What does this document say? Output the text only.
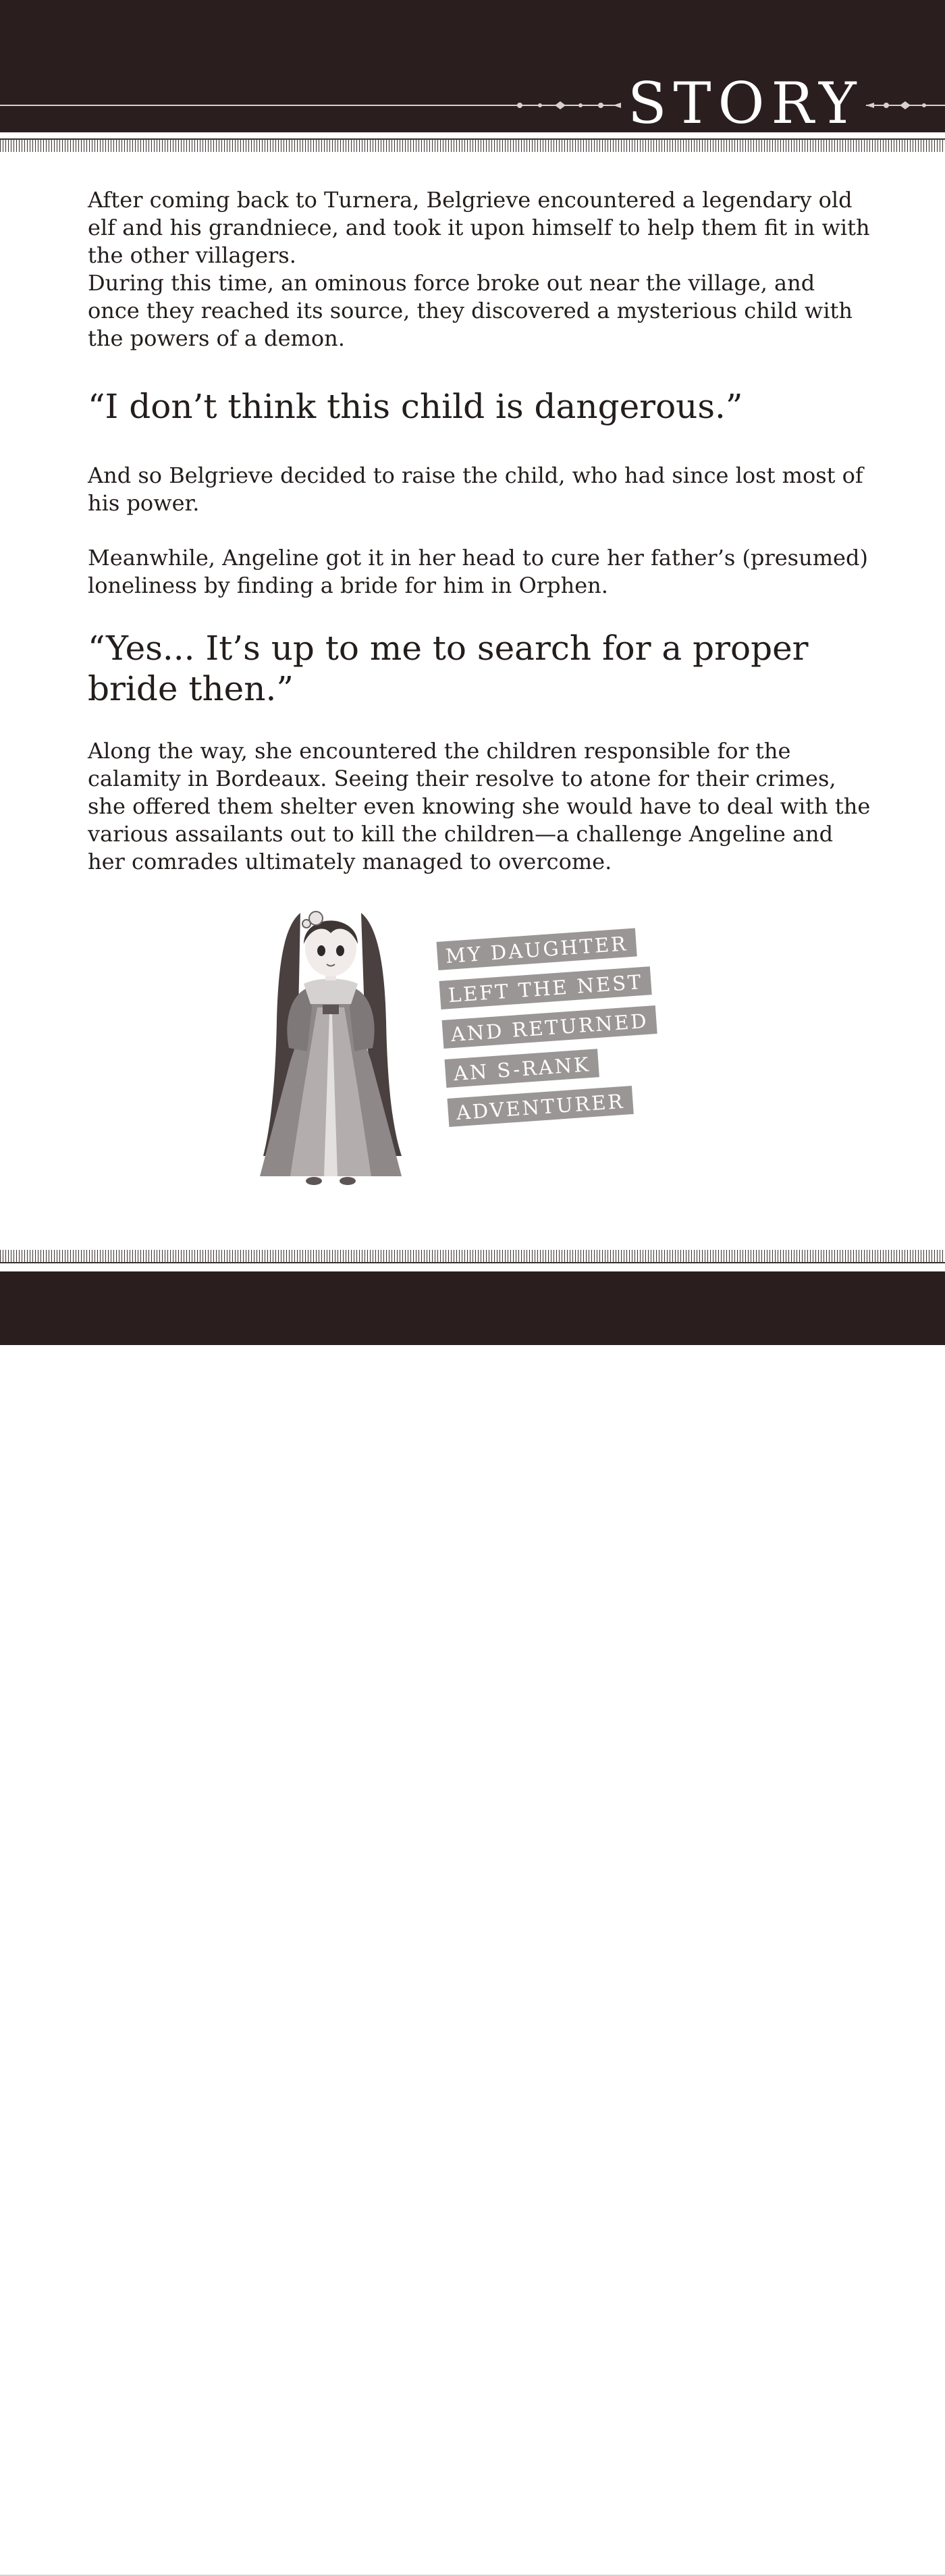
STORY

After coming back to Turnera, Belgrieve encountered a legendary old elf and his grandniece, and took it upon himself to help them fit in with the other villagers.

During this time, an ominous force broke out near the village, and once they reached its source, they discovered a mysterious child with the powers of a demon.

“I don’t think this child is dangerous.”

And so Belgrieve decided to raise the child, who had since lost most of his power.

Meanwhile, Angeline got it in her head to cure her father’s (presumed) loneliness by finding a bride for him in Orphen.

“Yes... It’s up to me to search for a proper bride then.”

Along the way, she encountered the children responsible for the calamity in Bordeaux. Seeing their resolve to atone for their crimes, she offered them shelter even knowing she would have to deal with the various assailants out to kill the children—a challenge Angeline and her comrades ultimately managed to overcome.

MY DAUGHTER
LEFT THE NEST
AND RETURNED
AN S-RANK
ADVENTURER
